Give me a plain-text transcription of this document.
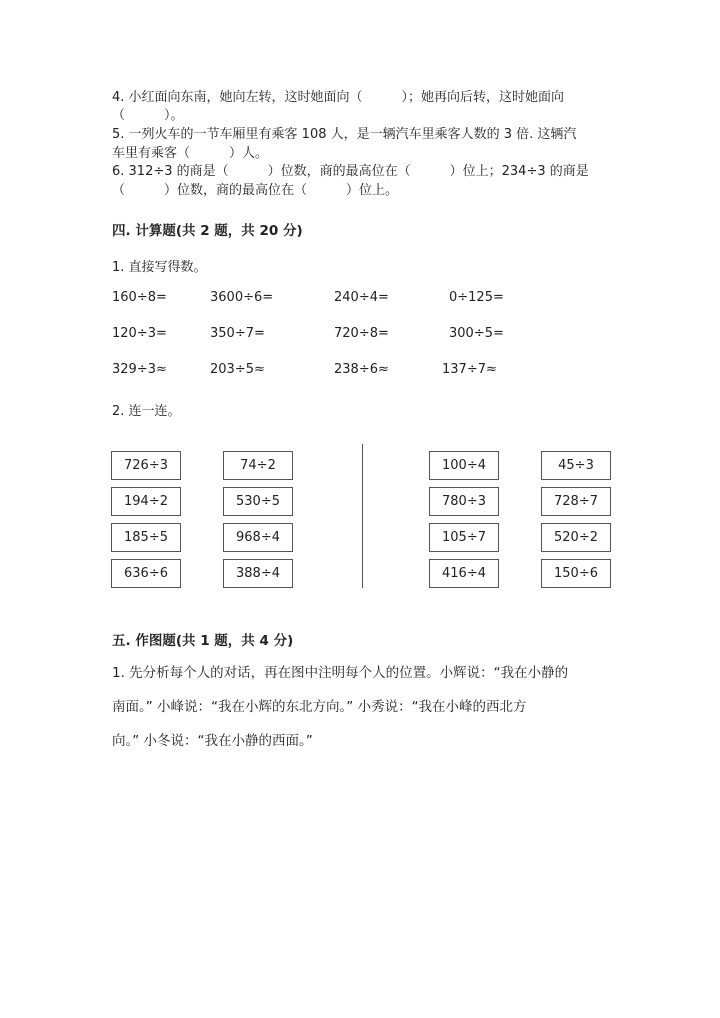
4. 小红面向东南，她向左转，这时她面向（　　　）；她再向后转，这时她面向
（　　　）。
5. 一列火车的一节车厢里有乘客 108 人，是一辆汽车里乘客人数的 3 倍. 这辆汽
车里有乘客（　　　）人。
6. 312÷3 的商是（　　　）位数，商的最高位在（　　　）位上；234÷3 的商是
（　　　）位数，商的最高位在（　　　）位上。
四. 计算题(共 2 题，共 20 分)
1. 直接写得数。
160÷8=	3600÷6=	240÷4=	0÷125=
120÷3=	350÷7=	720÷8=	300÷5=
329÷3≈	203÷5≈	238÷6≈	137÷7≈
2. 连一连。
726÷3	74÷2	100÷4	45÷3
194÷2	530÷5	780÷3	728÷7
185÷5	968÷4	105÷7	520÷2
636÷6	388÷4	416÷4	150÷6
五. 作图题(共 1 题，共 4 分)
1. 先分析每个人的对话，再在图中注明每个人的位置。小辉说：“我在小静的
南面。” 小峰说：“我在小辉的东北方向。” 小秀说：“我在小峰的西北方
向。” 小冬说：“我在小静的西面。”
